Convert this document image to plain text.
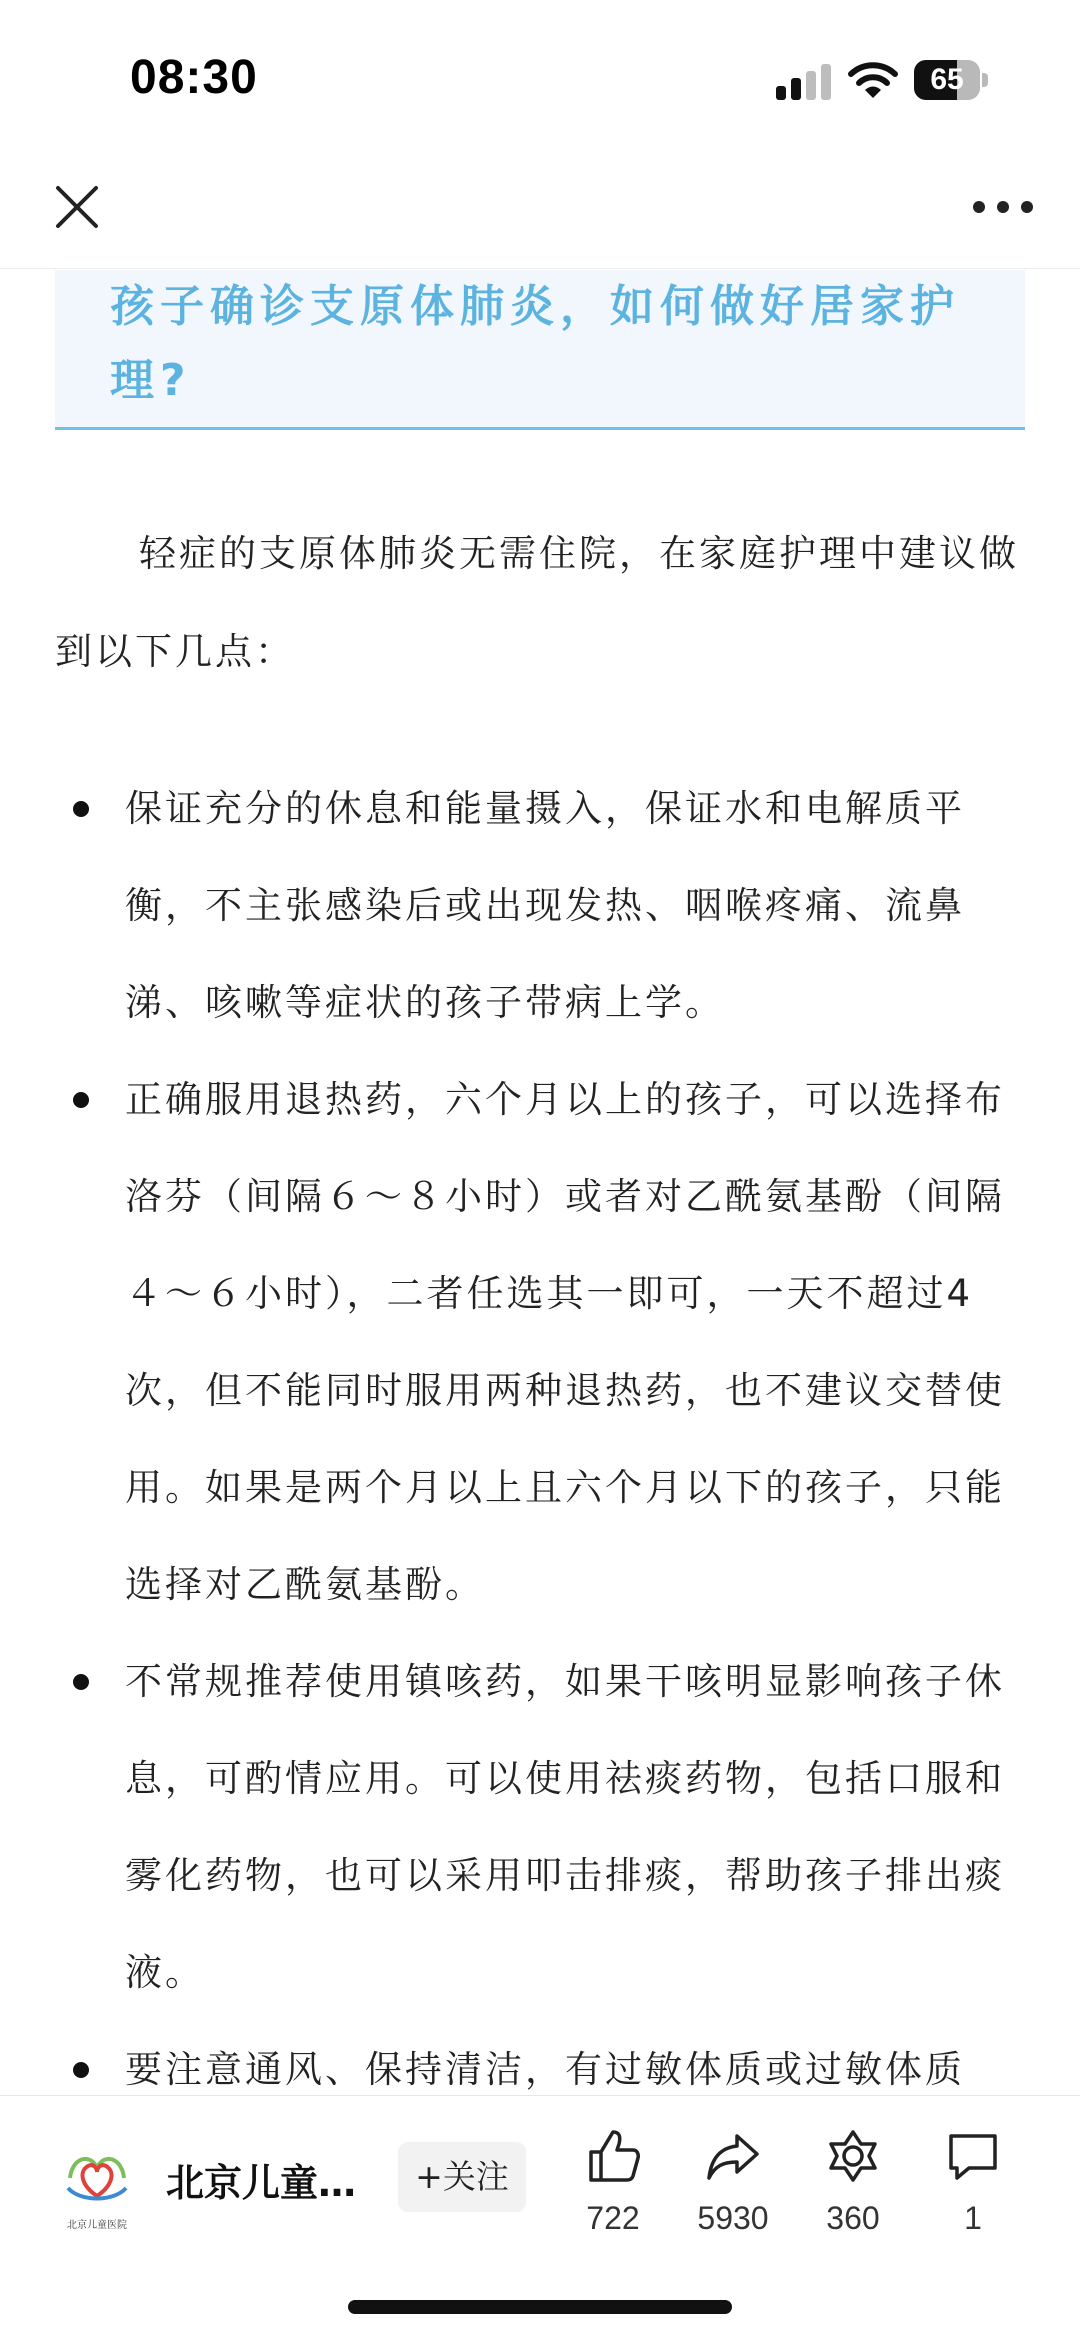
08:30	65
孩子确诊支原体肺炎，如何做好居家护理?

轻症的支原体肺炎无需住院，在家庭护理中建议做到以下几点：

保证充分的休息和能量摄入，保证水和电解质平衡，不主张感染后或出现发热、咽喉疼痛、流鼻涕、咳嗽等症状的孩子带病上学。
正确服用退热药，六个月以上的孩子，可以选择布洛芬（间隔６～８小时）或者对乙酰氨基酚（间隔４～６小时），二者任选其一即可，一天不超过4次，但不能同时服用两种退热药，也不建议交替使用。如果是两个月以上且六个月以下的孩子，只能选择对乙酰氨基酚。
不常规推荐使用镇咳药，如果干咳明显影响孩子休息，可酌情应用。可以使用祛痰药物，包括口服和雾化药物，也可以采用叩击排痰，帮助孩子排出痰液。
要注意通风、保持清洁，有过敏体质或过敏体质
北京儿童医院
北京儿童…	+关注
722	5930	360	1
